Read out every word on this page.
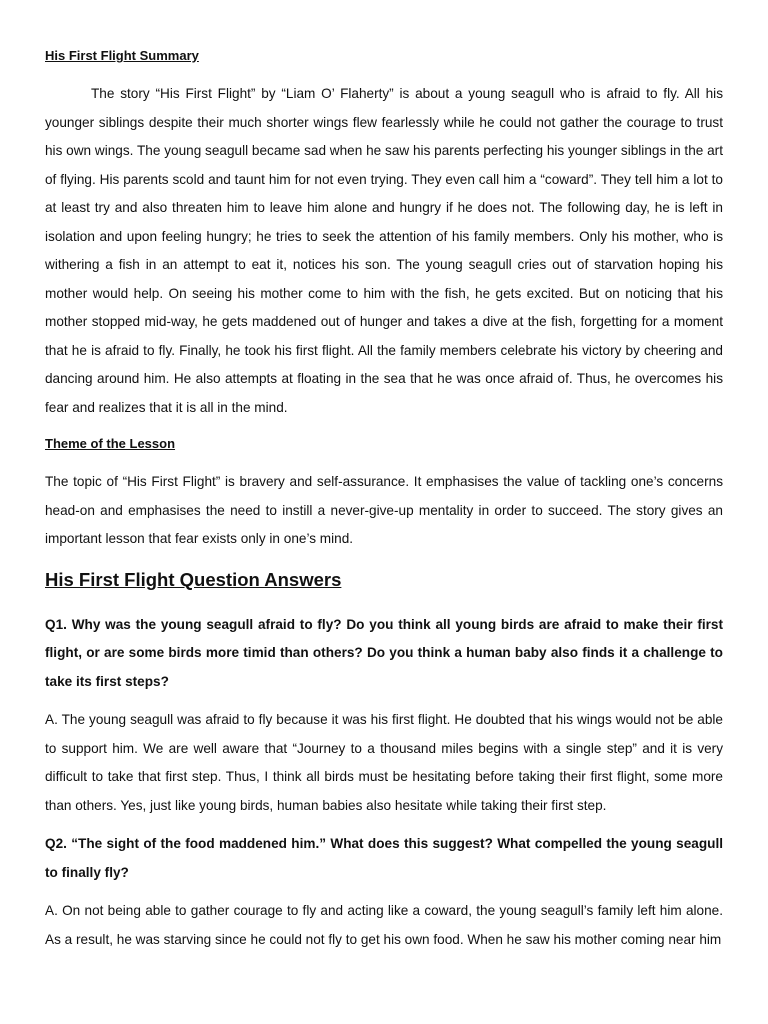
His First Flight Summary

The story “His First Flight” by “Liam O’ Flaherty” is about a young seagull who is afraid to fly. All his younger siblings despite their much shorter wings flew fearlessly while he could not gather the courage to trust his own wings. The young seagull became sad when he saw his parents perfecting his younger siblings in the art of flying. His parents scold and taunt him for not even trying. They even call him a “coward”. They tell him a lot to at least try and also threaten him to leave him alone and hungry if he does not. The following day, he is left in isolation and upon feeling hungry; he tries to seek the attention of his family members. Only his mother, who is withering a fish in an attempt to eat it, notices his son. The young seagull cries out of starvation hoping his mother would help. On seeing his mother come to him with the fish, he gets excited. But on noticing that his mother stopped mid-way, he gets maddened out of hunger and takes a dive at the fish, forgetting for a moment that he is afraid to fly. Finally, he took his first flight. All the family members celebrate his victory by cheering and dancing around him. He also attempts at floating in the sea that he was once afraid of. Thus, he overcomes his fear and realizes that it is all in the mind.

Theme of the Lesson

The topic of “His First Flight” is bravery and self-assurance. It emphasises the value of tackling one’s concerns head-on and emphasises the need to instill a never-give-up mentality in order to succeed. The story gives an important lesson that fear exists only in one’s mind.

His First Flight Question Answers

Q1. Why was the young seagull afraid to fly? Do you think all young birds are afraid to make their first flight, or are some birds more timid than others? Do you think a human baby also finds it a challenge to take its first steps?

A. The young seagull was afraid to fly because it was his first flight. He doubted that his wings would not be able to support him. We are well aware that “Journey to a thousand miles begins with a single step” and it is very difficult to take that first step. Thus, I think all birds must be hesitating before taking their first flight, some more than others. Yes, just like young birds, human babies also hesitate while taking their first step.

Q2. “The sight of the food maddened him.” What does this suggest? What compelled the young seagull to finally fly?

A. On not being able to gather courage to fly and acting like a coward, the young seagull’s family left him alone. As a result, he was starving since he could not fly to get his own food. When he saw his mother coming near him
